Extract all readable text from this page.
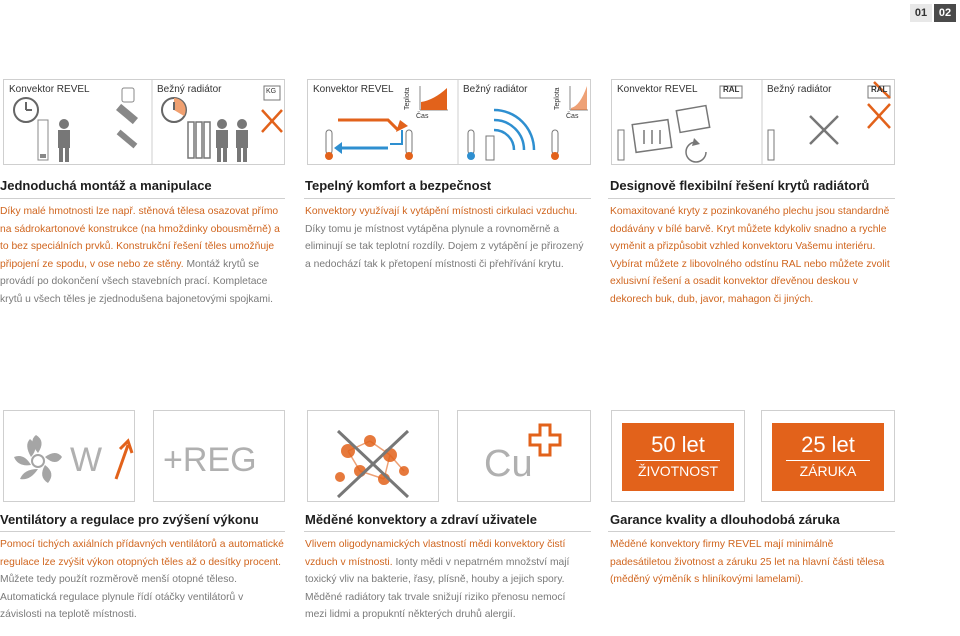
01	02
Konvektor REVEL	Bežný radiátor	KG	Konvektor REVEL	Bežný radiátor
Teplota
Čas
Teplota
Čas
Konvektor REVEL	Bežný radiátor
RAL	RAL
Jednoduchá montáž a manipulace

Díky malé hmotnosti lze např. stěnová tělesa osazovat přímo na sádrokartonové konstrukce (na hmoždinky obousměrně) a to bez speciálních prvků. Konstrukční řešení těles umožňuje připojení ze spodu, v ose nebo ze stěny. Montáž krytů se provádí po dokončení všech stavebních prací. Kompletace krytů u všech těles je zjednodušena bajonetovými spojkami.

Tepelný komfort a bezpečnost

Konvektory využívají k vytápění místnosti cirkulaci vzduchu. Díky tomu je místnost vytápěna plynule a rovnoměrně a eliminují se tak teplotní rozdíly. Dojem z vytápění je přirozený a nedochází tak k přetopení místnosti či přehřívání krytu.

Designově flexibilní řešení krytů radiátorů

Komaxitované kryty z pozinkovaného plechu jsou standardně dodávány v bílé barvě. Kryt můžete kdykoliv snadno a rychle vyměnit a přizpůsobit vzhled konvektoru Vašemu interiéru. Vybírat můžete z libovolného odstínu RAL nebo můžete zvolit exlusivní řešení a osadit konvektor dřevěnou deskou v dekorech buk, dub, javor, mahagon či jiných.

W +REG	Cu	50 let
ŽIVOTNOST
25 let
ZÁRUKA
Ventilátory a regulace pro zvýšení výkonu

Pomocí tichých axiálních přídavných ventilátorů a automatické regulace lze zvýšit výkon otopných těles až o desítky procent. Můžete tedy použít rozměrově menší otopné těleso. Automatická regulace plynule řídí otáčky ventilátorů v závislosti na teplotě místnosti.

Měděné konvektory a zdraví uživatele

Vlivem oligodynamických vlastností mědi konvektory čistí vzduch v místnosti. Ionty mědi v nepatrném množství mají toxický vliv na bakterie, řasy, plísně, houby a jejich spory. Měděné radiátory tak trvale snižují riziko přenosu nemocí mezi lidmi a propukntí některých druhů alergií.

Garance kvality a dlouhodobá záruka

Měděné konvektory firmy REVEL mají minimálně padesátiletou životnost a záruku 25 let na hlavní části tělesa (měděný výměník s hliníkovými lamelami).
